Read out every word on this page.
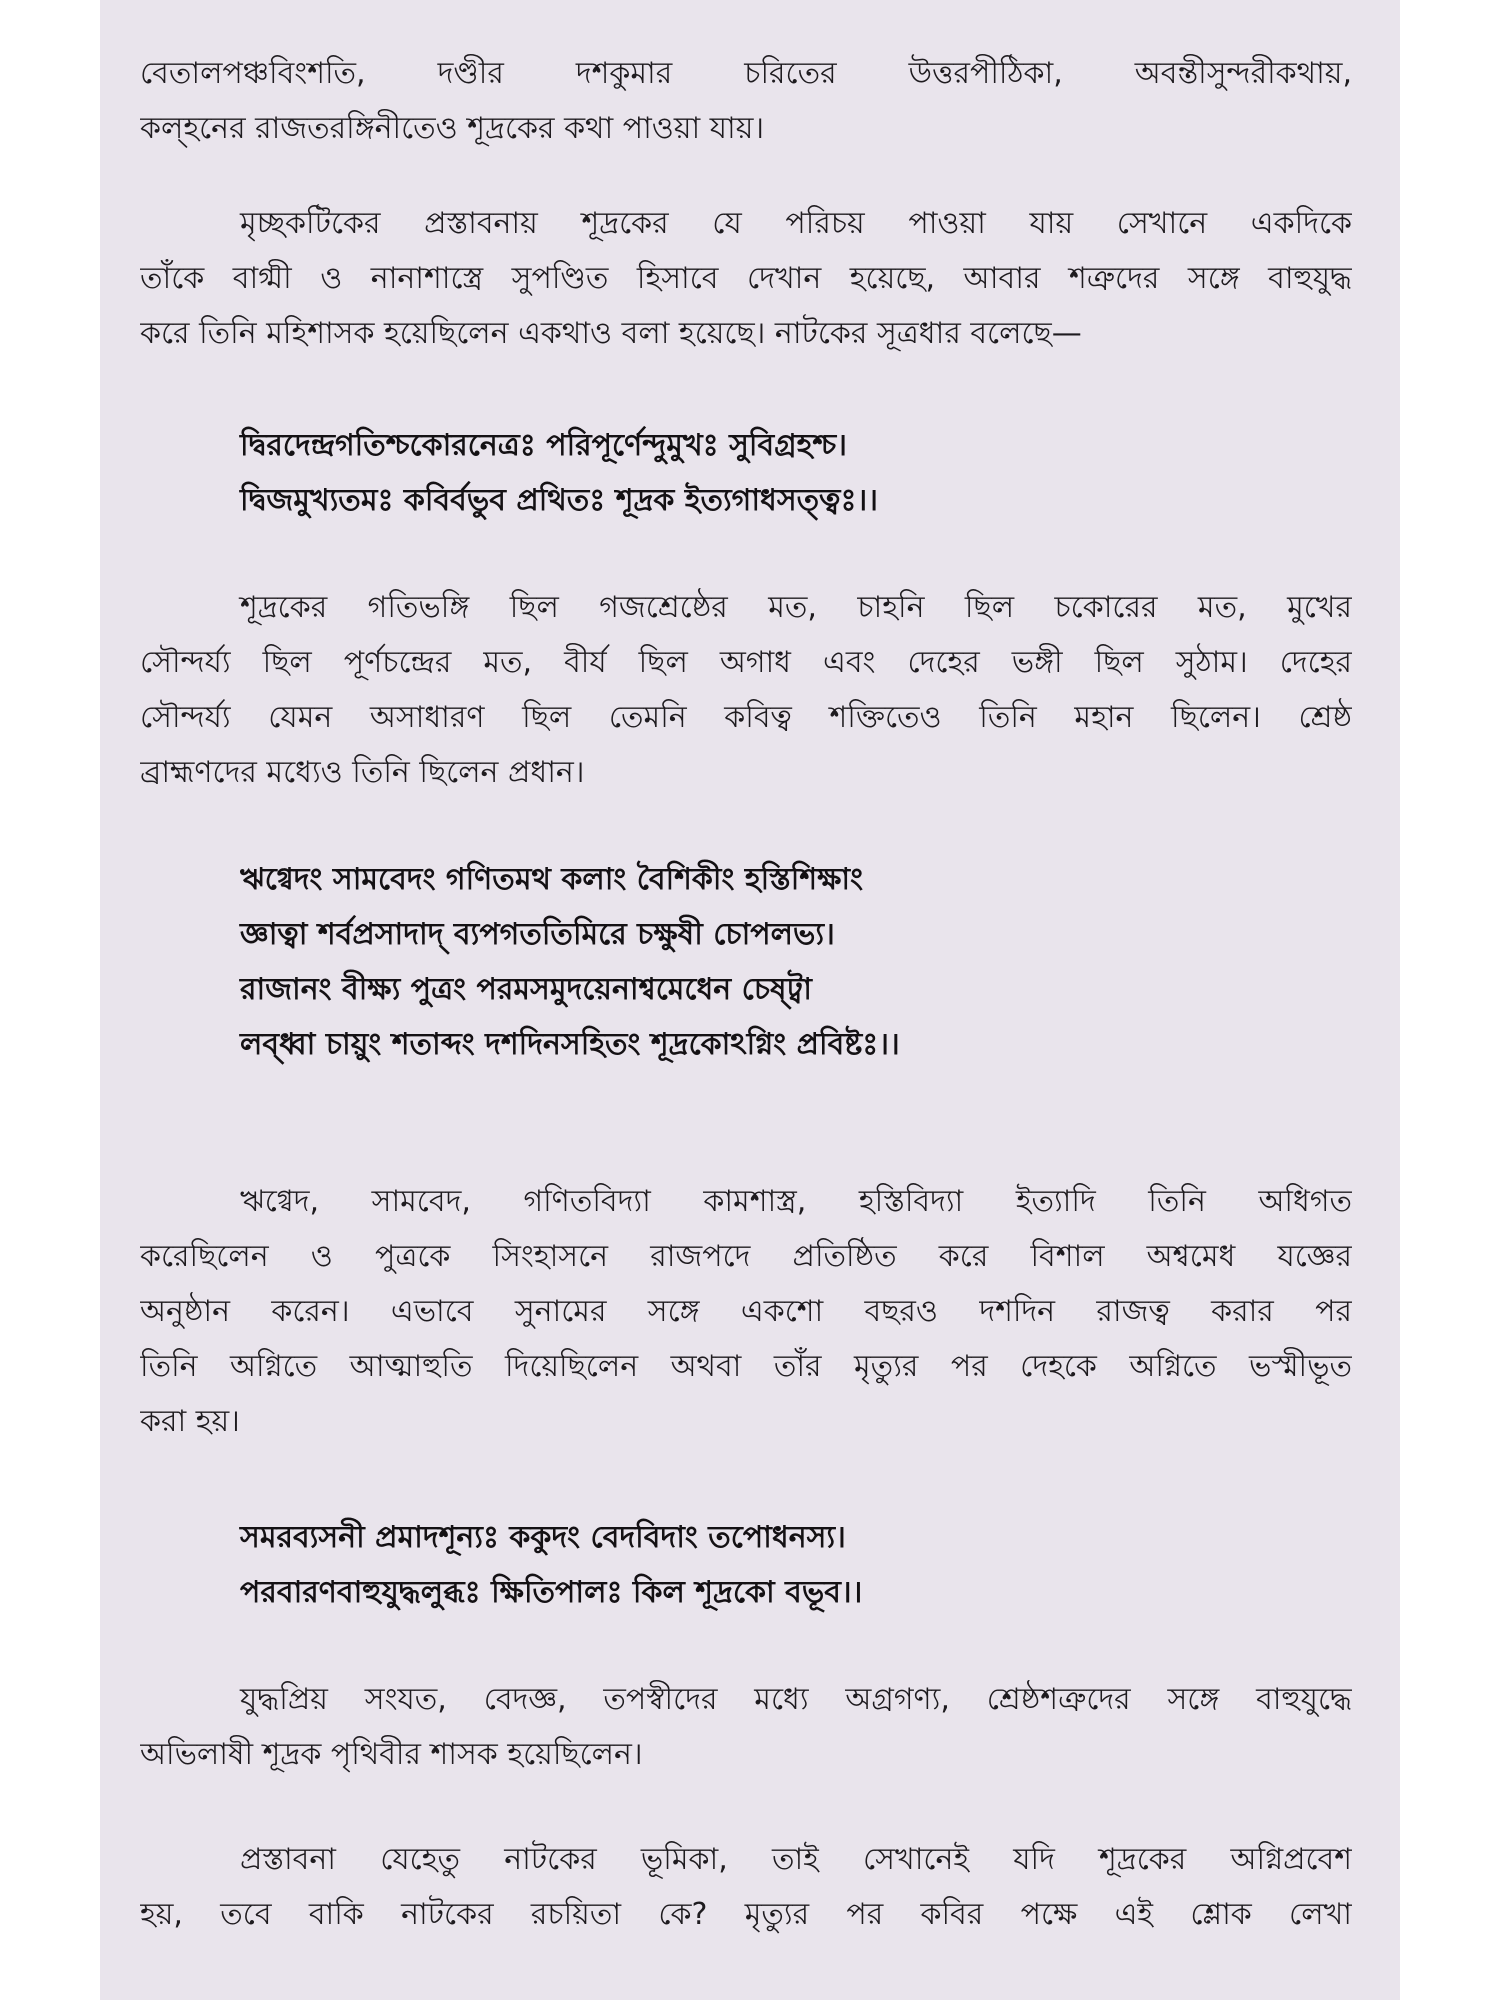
বেতালপঞ্চবিংশতি, দণ্ডীর দশকুমার চরিতের উত্তরপীঠিকা, অবন্তীসুন্দরীকথায়,
কল্হনের রাজতরঙ্গিনীতেও শূদ্রকের কথা পাওয়া যায়।

মৃচ্ছকটিকের প্রস্তাবনায় শূদ্রকের যে পরিচয় পাওয়া যায় সেখানে একদিকে
তাঁকে বাগ্মী ও নানাশাস্ত্রে সুপণ্ডিত হিসাবে দেখান হয়েছে, আবার শত্রুদের সঙ্গে বাহুযুদ্ধ
করে তিনি মহিশাসক হয়েছিলেন একথাও বলা হয়েছে। নাটকের সূত্রধার বলেছে—

দ্বিরদেন্দ্রগতিশ্চকোরনেত্রঃ পরিপূর্ণেন্দুমুখঃ সুবিগ্রহশ্চ।
দ্বিজমুখ্যতমঃ কবির্বভুব প্রথিতঃ শূদ্রক ইত্যগাধসত্ত্বঃ।।

শূদ্রকের গতিভঙ্গি ছিল গজশ্রেষ্ঠের মত, চাহনি ছিল চকোরের মত, মুখের
সৌন্দর্য্য ছিল পূর্ণচন্দ্রের মত, বীর্য ছিল অগাধ এবং দেহের ভঙ্গী ছিল সুঠাম। দেহের
সৌন্দর্য্য যেমন অসাধারণ ছিল তেমনি কবিত্ব শক্তিতেও তিনি মহান ছিলেন। শ্রেষ্ঠ
ব্রাহ্মণদের মধ্যেও তিনি ছিলেন প্রধান।

ঋগ্বেদং সামবেদং গণিতমথ কলাং বৈশিকীং হস্তিশিক্ষাং
জ্ঞাত্বা শর্বপ্রসাদাদ্ ব্যপগততিমিরে চক্ষুষী চোপলভ্য।
রাজানং বীক্ষ্য পুত্রং পরমসমুদয়েনাশ্বমেধেন চেষ্ট্বা
লব্ধ্বা চায়ুং শতাব্দং দশদিনসহিতং শূদ্রকোঽগ্নিং প্রবিষ্টঃ।।

ঋগ্বেদ, সামবেদ, গণিতবিদ্যা কামশাস্ত্র, হস্তিবিদ্যা ইত্যাদি তিনি অধিগত
করেছিলেন ও পুত্রকে সিংহাসনে রাজপদে প্রতিষ্ঠিত করে বিশাল অশ্বমেধ যজ্ঞের
অনুষ্ঠান করেন। এভাবে সুনামের সঙ্গে একশো বছরও দশদিন রাজত্ব করার পর
তিনি অগ্নিতে আত্মাহুতি দিয়েছিলেন অথবা তাঁর মৃত্যুর পর দেহকে অগ্নিতে ভস্মীভূত
করা হয়।

সমরব্যসনী প্রমাদশূন্যঃ ককুদং বেদবিদাং তপোধনস্য।
পরবারণবাহুযুদ্ধলুব্ধঃ ক্ষিতিপালঃ কিল শূদ্রকো বভূব।।

যুদ্ধপ্রিয় সংযত, বেদজ্ঞ, তপস্বীদের মধ্যে অগ্রগণ্য, শ্রেষ্ঠশত্রুদের সঙ্গে বাহুযুদ্ধে
অভিলাষী শূদ্রক পৃথিবীর শাসক হয়েছিলেন।

প্রস্তাবনা যেহেতু নাটকের ভূমিকা, তাই সেখানেই যদি শূদ্রকের অগ্নিপ্রবেশ
হয়, তবে বাকি নাটকের রচয়িতা কে? মৃত্যুর পর কবির পক্ষে এই শ্লোক লেখা
